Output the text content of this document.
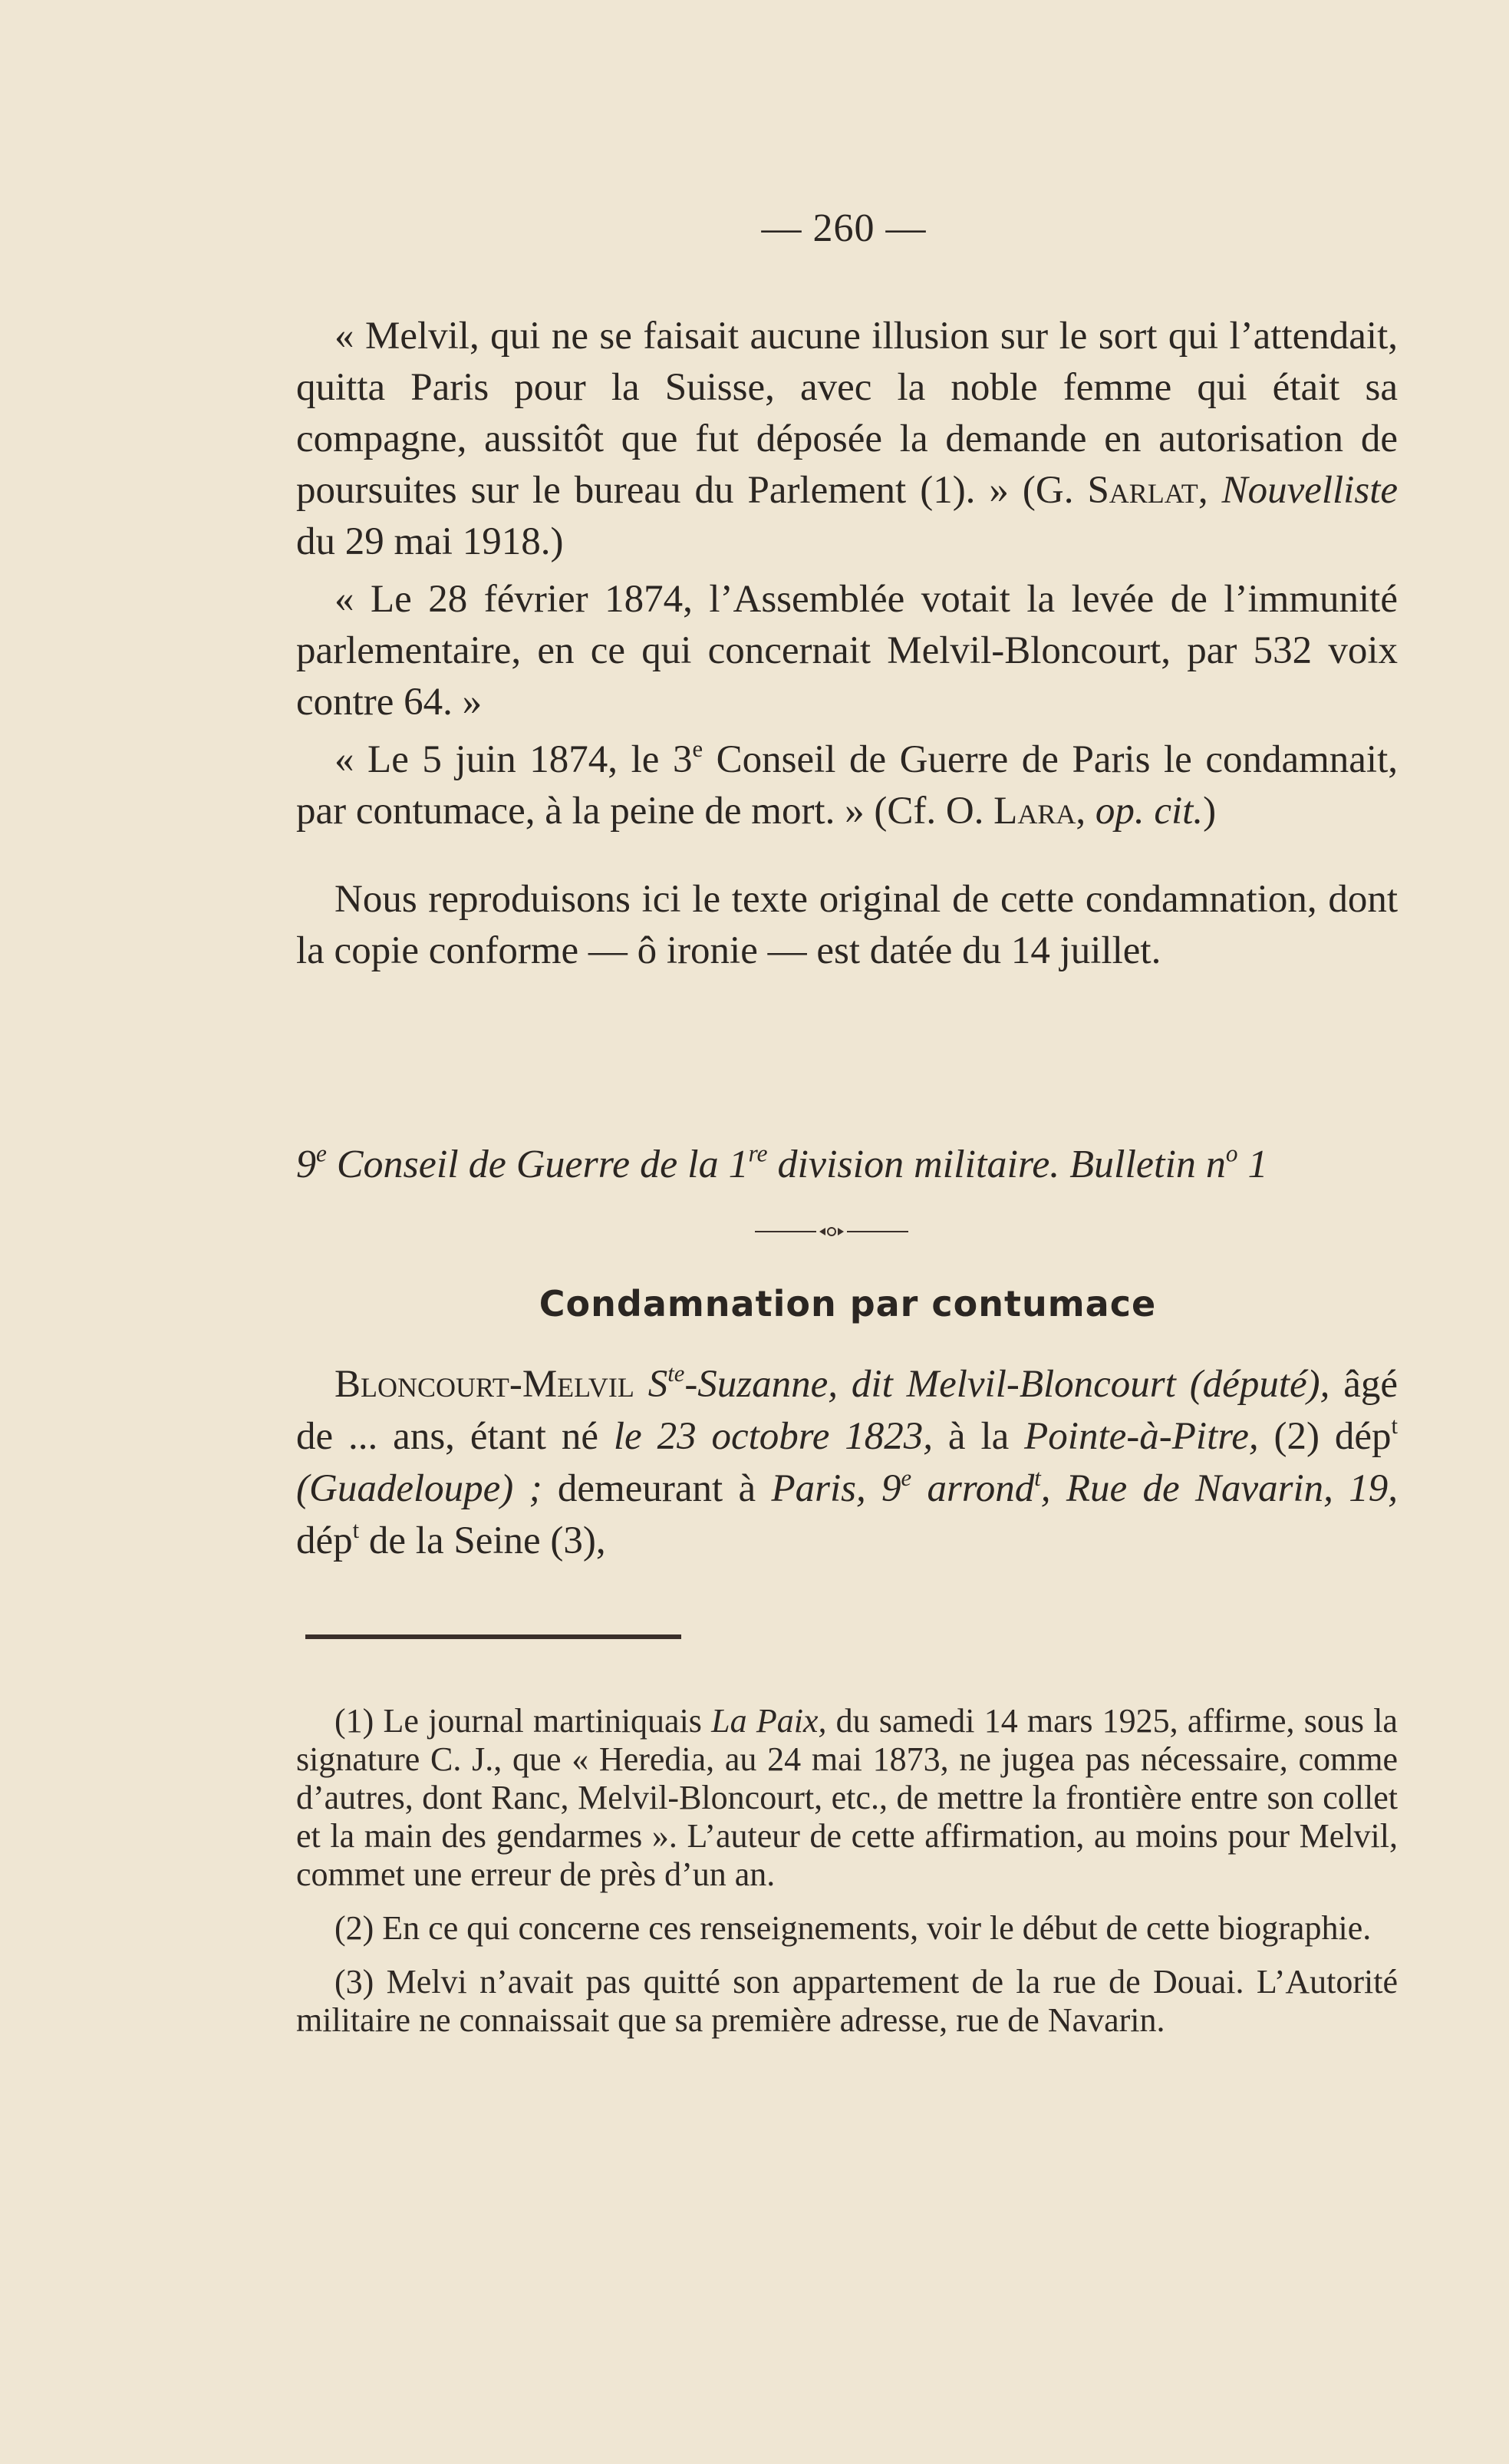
— 260 —

« Melvil, qui ne se faisait aucune illusion sur le sort qui l’attendait, quitta Paris pour la Suisse, avec la noble femme qui était sa compagne, aussitôt que fut déposée la demande en autorisation de poursuites sur le bureau du Parlement (1). » (G. Sarlat, Nouvelliste du 29 mai 1918.)

« Le 28 février 1874, l’Assemblée votait la levée de l’immunité parlementaire, en ce qui concernait Melvil-Bloncourt, par 532 voix contre 64. »

« Le 5 juin 1874, le 3e Conseil de Guerre de Paris le condamnait, par contumace, à la peine de mort. » (Cf. O. Lara, op. cit.)

Nous reproduisons ici le texte original de cette condamnation, dont la copie conforme — ô ironie — est datée du 14 juillet.

9e Conseil de Guerre de la 1re division militaire. Bulletin $n^o$ 1
Condamnation par contumace

Bloncourt-Melvil $S^{te}$-Suzanne, dit Melvil-Bloncourt (député), âgé de ... ans, étant né le 23 octobre 1823, à la Pointe-à-Pitre, (2) dép$^t$ (Guadeloupe) ; demeurant à Paris, 9e arrond$^t$, Rue de Navarin, 19, dép$^t$ de la Seine (3),

(1) Le journal martiniquais La Paix, du samedi 14 mars 1925, affirme, sous la signature C. J., que « Heredia, au 24 mai 1873, ne jugea pas nécessaire, comme d’autres, dont Ranc, Melvil-Bloncourt, etc., de mettre la frontière entre son collet et la main des gendarmes ». L’auteur de cette affirmation, au moins pour Melvil, commet une erreur de près d’un an.

(2) En ce qui concerne ces renseignements, voir le début de cette biographie.

(3) Melvi n’avait pas quitté son appartement de la rue de Douai. L’Autorité militaire ne connaissait que sa première adresse, rue de Navarin.
